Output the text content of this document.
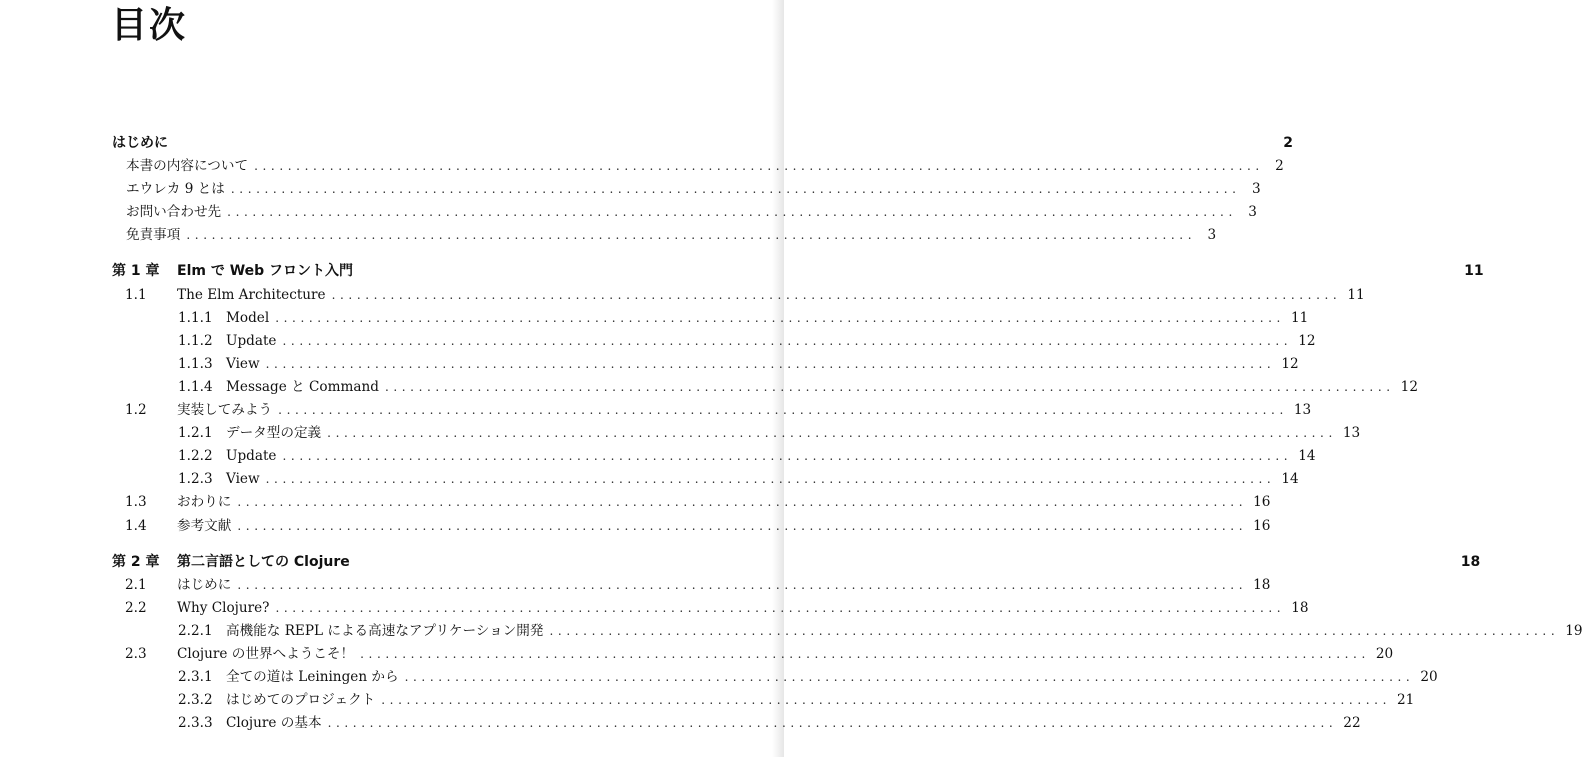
目次
はじめに	2
本書の内容について ........................................................................................................................ 2
エウレカ 9 とは ........................................................................................................................ 3
お問い合わせ先 ........................................................................................................................ 3
免責事項 ........................................................................................................................ 3
第 1 章	Elm で Web フロント入門	11
1.1	The Elm Architecture ........................................................................................................................ 11
1.1.1 Model ........................................................................................................................ 11
1.1.2 Update ........................................................................................................................ 12
1.1.3 View ........................................................................................................................ 12
1.1.4 Message と Command ........................................................................................................................ 12
1.2	実装してみよう ........................................................................................................................ 13
1.2.1 データ型の定義 ........................................................................................................................ 13
1.2.2 Update ........................................................................................................................ 14
1.2.3 View ........................................................................................................................ 14
1.3	おわりに ........................................................................................................................ 16
1.4	参考文献 ........................................................................................................................ 16
第 2 章	第二言語としての Clojure	18
2.1	はじめに ........................................................................................................................ 18
2.2	Why Clojure? ........................................................................................................................ 18
2.2.1 高機能な REPL による高速なアプリケーション開発 ........................................................................................................................ 19
2.3	Clojure の世界へようこそ！ ........................................................................................................................ 20
2.3.1 全ての道は Leiningen から ........................................................................................................................ 20
2.3.2 はじめてのプロジェクト ........................................................................................................................ 21
2.3.3 Clojure の基本 ........................................................................................................................ 22
